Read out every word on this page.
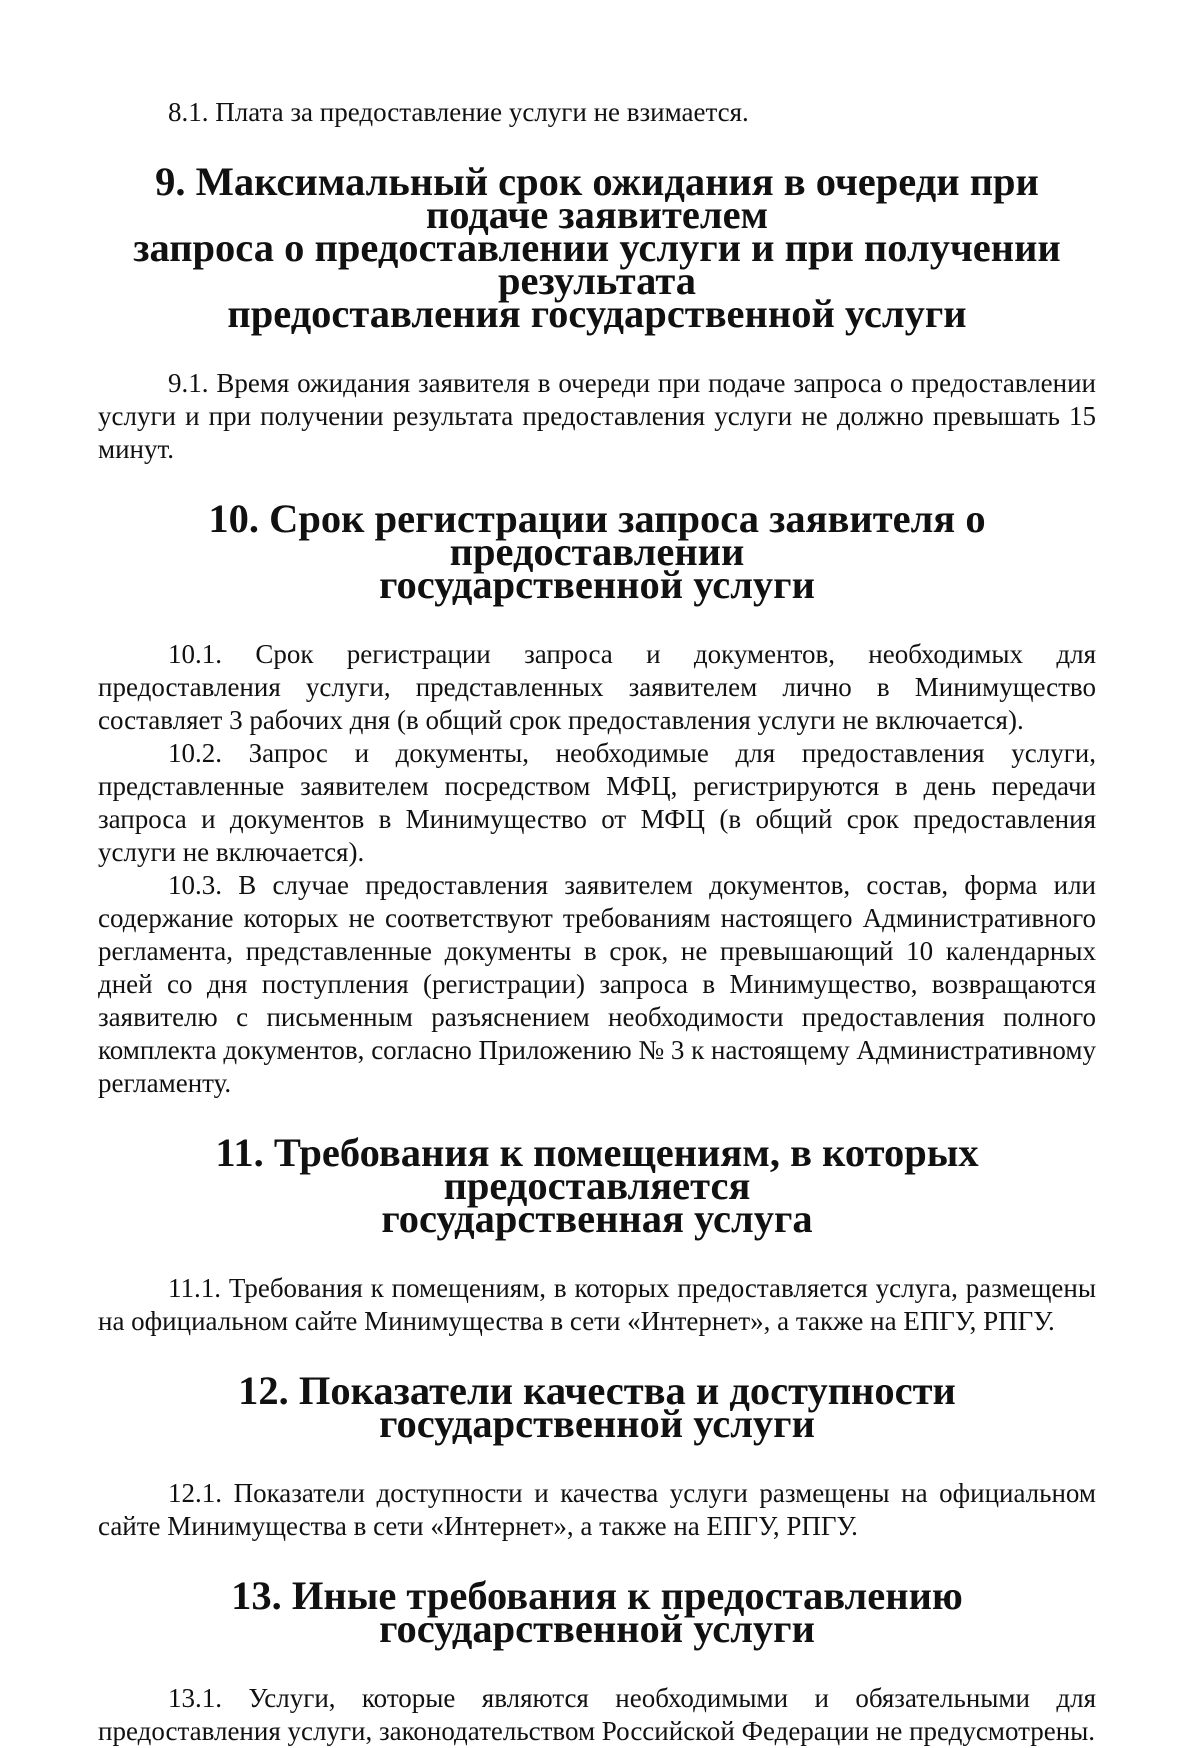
8.1. Плата за предоставление услуги не взимается.

9. Максимальный срок ожидания в очереди при подаче заявителем
запроса о предоставлении услуги и при получении результата
предоставления государственной услуги

9.1. Время ожидания заявителя в очереди при подаче запроса о предоставлении услуги и при получении результата предоставления услуги не должно превышать 15 минут.

10. Срок регистрации запроса заявителя о предоставлении
государственной услуги

10.1. Срок регистрации запроса и документов, необходимых для предоставления услуги, представленных заявителем лично в Минимущество составляет 3 рабочих дня (в общий срок предоставления услуги не включается).

10.2. Запрос и документы, необходимые для предоставления услуги, представленные заявителем посредством МФЦ, регистрируются в день передачи запроса и документов в Минимущество от МФЦ (в общий срок предоставления услуги не включается).

10.3. В случае предоставления заявителем документов, состав, форма или содержание которых не соответствуют требованиям настоящего Административного регламента, представленные документы в срок, не превышающий 10 календарных дней со дня поступления (регистрации) запроса в Минимущество, возвращаются заявителю с письменным разъяснением необходимости предоставления полного комплекта документов, согласно Приложению № 3 к настоящему Административному регламенту.

11. Требования к помещениям, в которых предоставляется
государственная услуга

11.1. Требования к помещениям, в которых предоставляется услуга, размещены на официальном сайте Минимущества в сети «Интернет», а также на ЕПГУ, РПГУ.

12. Показатели качества и доступности государственной услуги

12.1. Показатели доступности и качества услуги размещены на официальном сайте Минимущества в сети «Интернет», а также на ЕПГУ, РПГУ.

13. Иные требования к предоставлению государственной услуги

13.1. Услуги, которые являются необходимыми и обязательными для предоставления услуги, законодательством Российской Федерации не предусмотрены.
